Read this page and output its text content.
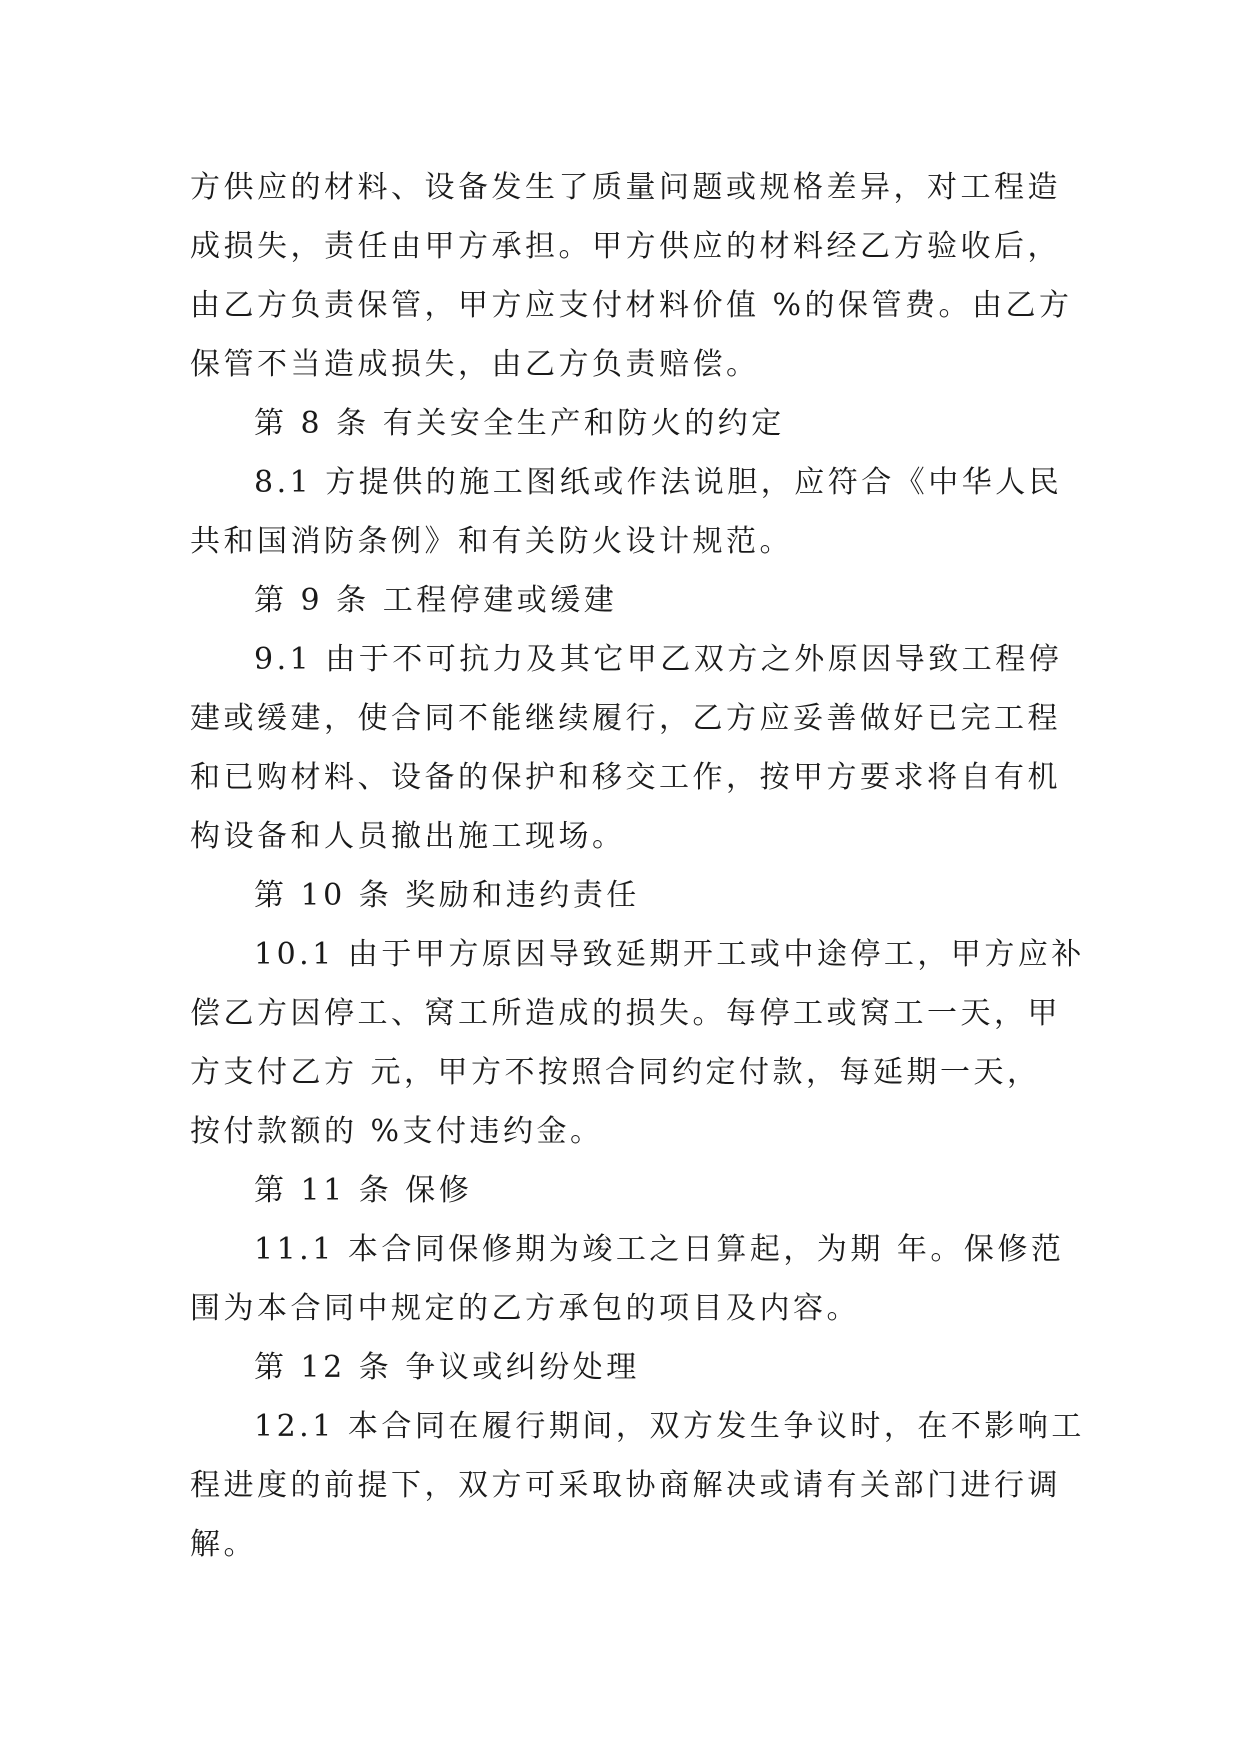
方供应的材料、设备发生了质量问题或规格差异，对工程造
成损失，责任由甲方承担。甲方供应的材料经乙方验收后，
由乙方负责保管，甲方应支付材料价值 %的保管费。由乙方
保管不当造成损失，由乙方负责赔偿。
第 8 条 有关安全生产和防火的约定
8.1 方提供的施工图纸或作法说胆，应符合《中华人民
共和国消防条例》和有关防火设计规范。
第 9 条 工程停建或缓建
9.1 由于不可抗力及其它甲乙双方之外原因导致工程停
建或缓建，使合同不能继续履行，乙方应妥善做好已完工程
和已购材料、设备的保护和移交工作，按甲方要求将自有机
构设备和人员撤出施工现场。
第 10 条 奖励和违约责任
10.1 由于甲方原因导致延期开工或中途停工，甲方应补
偿乙方因停工、窝工所造成的损失。每停工或窝工一天，甲
方支付乙方 元，甲方不按照合同约定付款，每延期一天，
按付款额的 %支付违约金。
第 11 条 保修
11.1 本合同保修期为竣工之日算起，为期 年。保修范
围为本合同中规定的乙方承包的项目及内容。
第 12 条 争议或纠纷处理
12.1 本合同在履行期间，双方发生争议时，在不影响工
程进度的前提下，双方可采取协商解决或请有关部门进行调
解。
